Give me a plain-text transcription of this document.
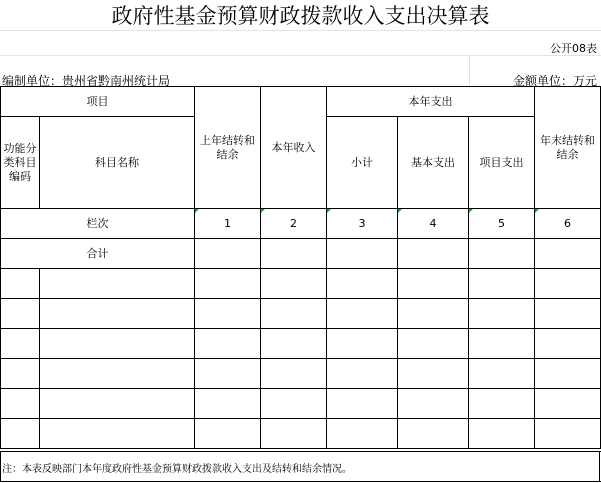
政府性基金预算财政拨款收入支出决算表
公开08表
编制单位：贵州省黔南州统计局	金额单位：万元
项目		上年结转和结余	本年收入	本年支出			年末结转和结余
功能分类科目编码	科目名称			小计	基本支出	项目支出	
栏次		1	2	3	4	5	6
合计							

注：本表反映部门本年度政府性基金预算财政拨款收入支出及结转和结余情况。
